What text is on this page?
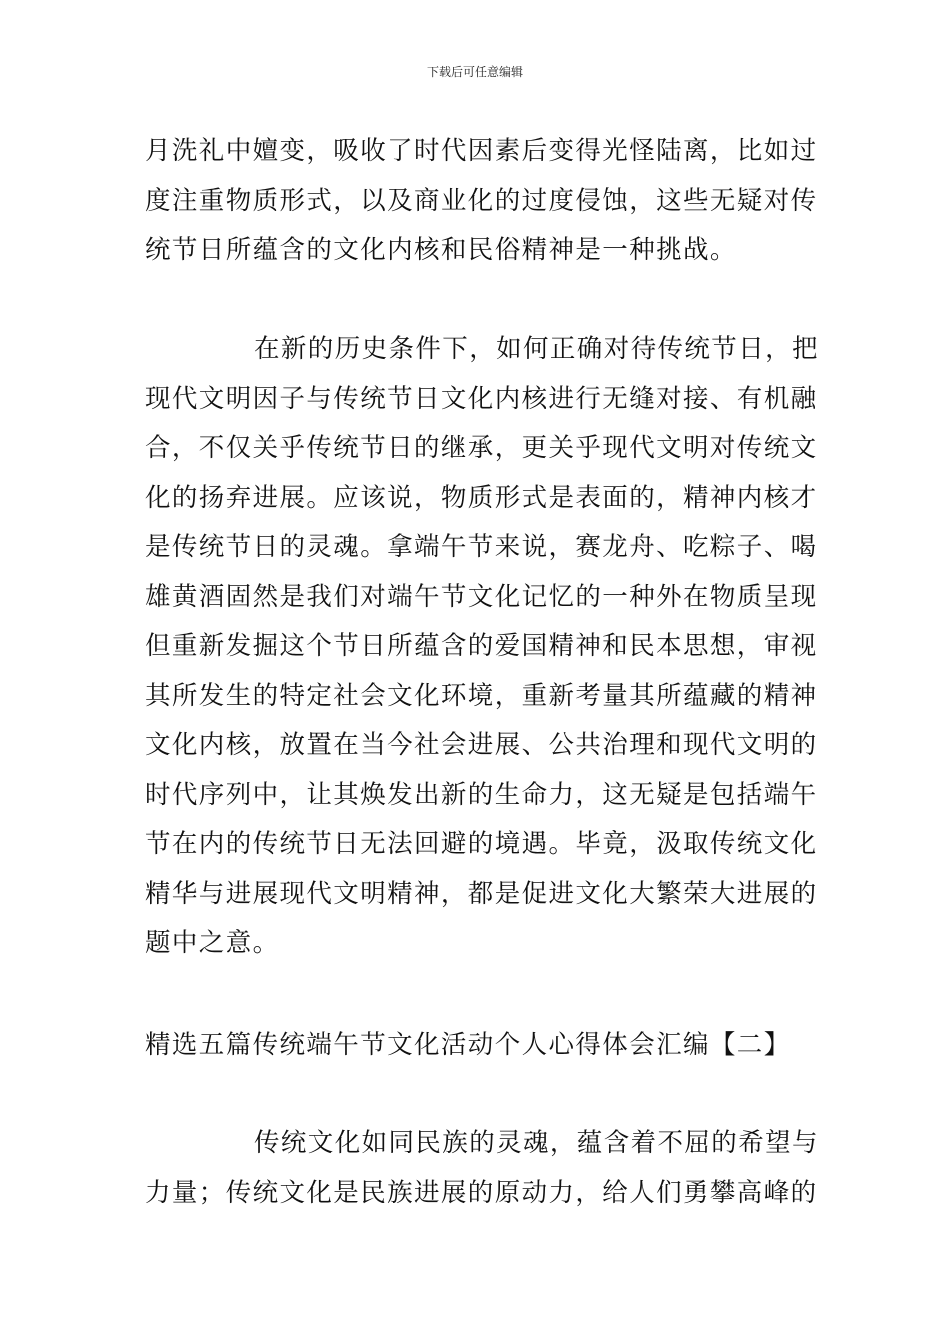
下载后可任意编辑
月洗礼中嬗变，吸收了时代因素后变得光怪陆离，比如过
度注重物质形式，以及商业化的过度侵蚀，这些无疑对传
统节日所蕴含的文化内核和民俗精神是一种挑战。
在新的历史条件下，如何正确对待传统节日，把
现代文明因子与传统节日文化内核进行无缝对接、有机融
合，不仅关乎传统节日的继承，更关乎现代文明对传统文
化的扬弃进展。应该说，物质形式是表面的，精神内核才
是传统节日的灵魂。拿端午节来说，赛龙舟、吃粽子、喝
雄黄酒固然是我们对端午节文化记忆的一种外在物质呈现
但重新发掘这个节日所蕴含的爱国精神和民本思想，审视
其所发生的特定社会文化环境，重新考量其所蕴藏的精神
文化内核，放置在当今社会进展、公共治理和现代文明的
时代序列中，让其焕发出新的生命力，这无疑是包括端午
节在内的传统节日无法回避的境遇。毕竟，汲取传统文化
精华与进展现代文明精神，都是促进文化大繁荣大进展的
题中之意。
精选五篇传统端午节文化活动个人心得体会汇编【二】
传统文化如同民族的灵魂，蕴含着不屈的希望与
力量；传统文化是民族进展的原动力，给人们勇攀高峰的
